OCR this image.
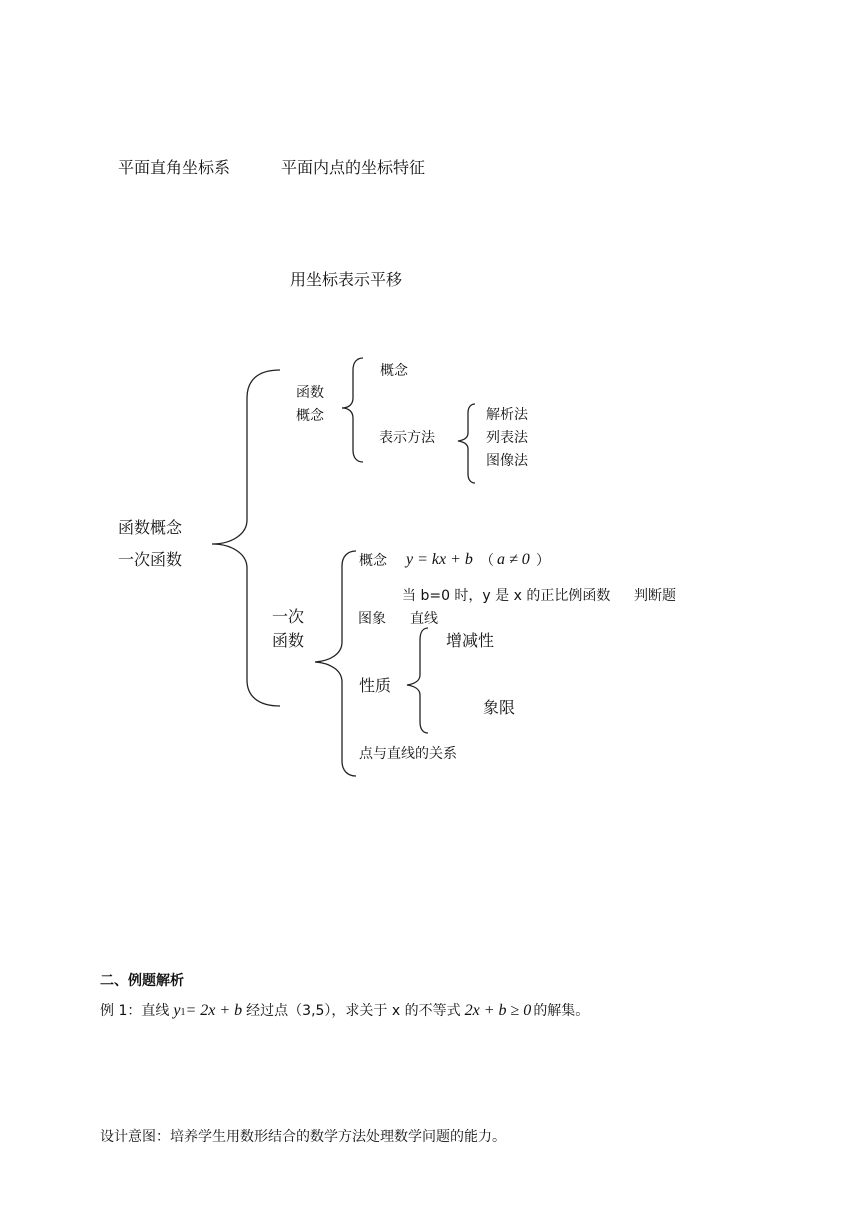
平面直角坐标系	平面内点的坐标特征
用坐标表示平移
函数概念
一次函数
函数
概念
概念
表示方法
解析法
列表法
图像法
一次
函数
概念 y = kx + b （ a ≠ 0 ）
当 b=0 时，y 是 x 的正比例函数 判断题
图象 直线
性质
增减性
象限
点与直线的关系
二、例题解析
例 1：直线 y 1 = 2x + b 经过点（3,5），求关于 x 的不等式 2x + b ≥ 0 的解集。
设计意图：培养学生用数形结合的数学方法处理数学问题的能力。
